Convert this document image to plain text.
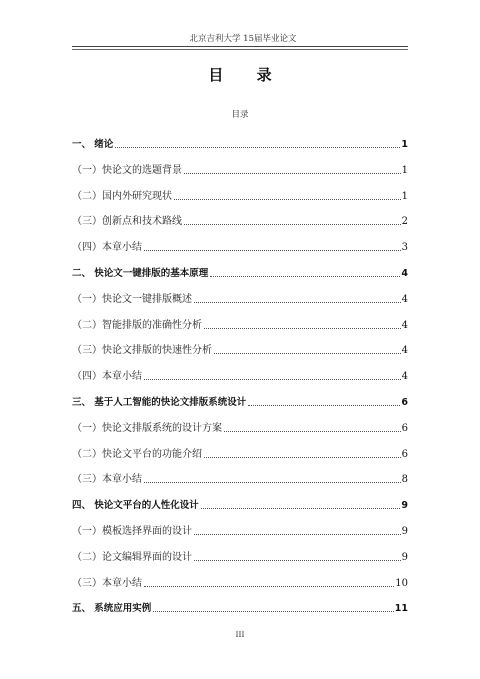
北京吉利大学 15届毕业论文
目 录
目录
一、 绪论	1
（一）快论文的选题背景	1
（二）国内外研究现状	1
（三）创新点和技术路线	2
（四）本章小结	3
二、 快论文一键排版的基本原理	4
（一）快论文一键排版概述	4
（二）智能排版的准确性分析	4
（三）快论文排版的快速性分析	4
（四）本章小结	4
三、 基于人工智能的快论文排版系统设计	6
（一）快论文排版系统的设计方案	6
（二）快论文平台的功能介绍	6
（三）本章小结	8
四、 快论文平台的人性化设计	9
（一）模板选择界面的设计	9
（二）论文编辑界面的设计	9
（三）本章小结	10
五、 系统应用实例	11
III
